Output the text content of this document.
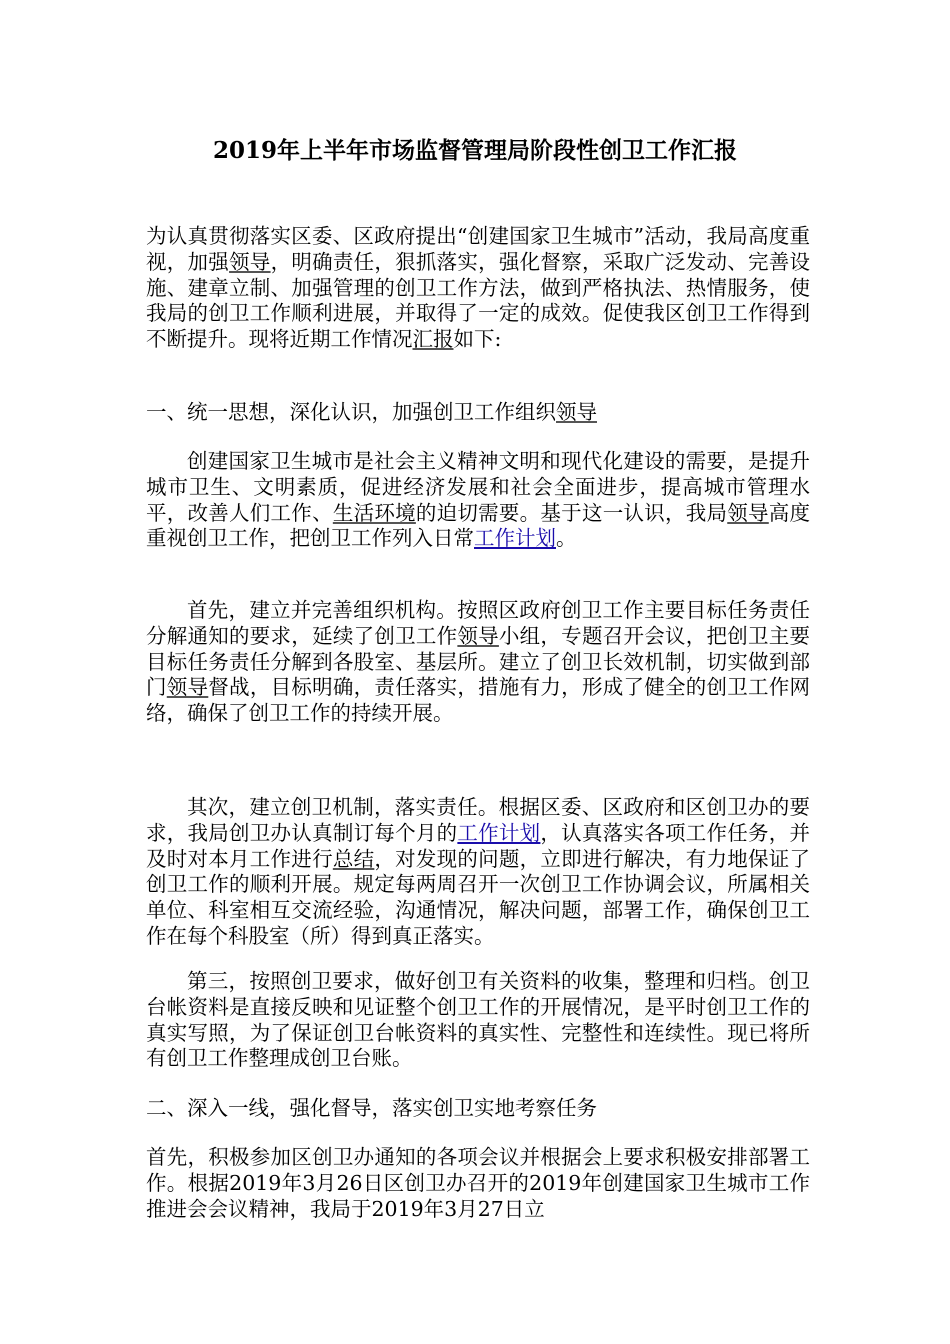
2019年上半年市场监督管理局阶段性创卫工作汇报

为认真贯彻落实区委、区政府提出“创建国家卫生城市”活动，我局高度重视，加强领导，明确责任，狠抓落实，强化督察，采取广泛发动、完善设施、建章立制、加强管理的创卫工作方法，做到严格执法、热情服务，使我局的创卫工作顺利进展，并取得了一定的成效。促使我区创卫工作得到不断提升。现将近期工作情况汇报如下:

一、统一思想，深化认识，加强创卫工作组织领导

创建国家卫生城市是社会主义精神文明和现代化建设的需要，是提升城市卫生、文明素质，促进经济发展和社会全面进步，提高城市管理水平，改善人们工作、生活环境的迫切需要。基于这一认识，我局领导高度重视创卫工作，把创卫工作列入日常工作计划。

首先，建立并完善组织机构。按照区政府创卫工作主要目标任务责任分解通知的要求，延续了创卫工作领导小组，专题召开会议，把创卫主要目标任务责任分解到各股室、基层所。建立了创卫长效机制，切实做到部门领导督战，目标明确，责任落实，措施有力，形成了健全的创卫工作网络，确保了创卫工作的持续开展。

其次，建立创卫机制，落实责任。根据区委、区政府和区创卫办的要求，我局创卫办认真制订每个月的工作计划，认真落实各项工作任务，并及时对本月工作进行总结，对发现的问题，立即进行解决，有力地保证了创卫工作的顺利开展。规定每两周召开一次创卫工作协调会议，所属相关单位、科室相互交流经验，沟通情况，解决问题，部署工作，确保创卫工作在每个科股室（所）得到真正落实。

第三，按照创卫要求，做好创卫有关资料的收集，整理和归档。创卫台帐资料是直接反映和见证整个创卫工作的开展情况，是平时创卫工作的真实写照，为了保证创卫台帐资料的真实性、完整性和连续性。现已将所有创卫工作整理成创卫台账。

二、深入一线，强化督导，落实创卫实地考察任务

首先，积极参加区创卫办通知的各项会议并根据会上要求积极安排部署工作。根据2019年3月26日区创卫办召开的2019年创建国家卫生城市工作推进会会议精神，我局于2019年3月27日立
